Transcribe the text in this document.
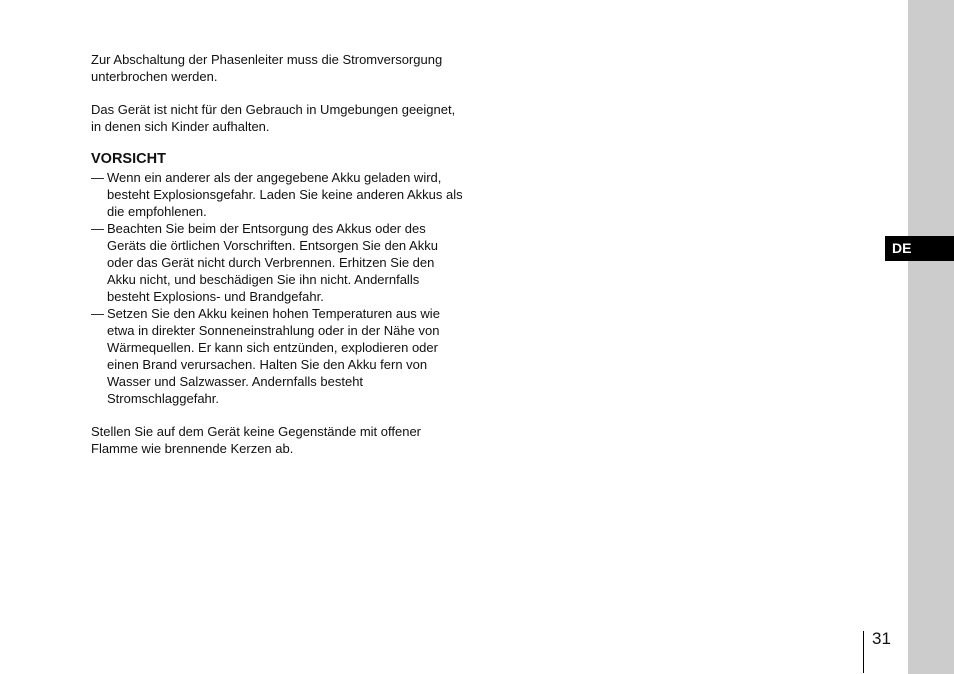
DE

Zur Abschaltung der Phasenleiter muss die Stromversorgung unterbrochen werden.

Das Gerät ist nicht für den Gebrauch in Umgebungen geeignet, in denen sich Kinder aufhalten.

VORSICHT
— Wenn ein anderer als der angegebene Akku geladen wird, besteht Explosionsgefahr. Laden Sie keine anderen Akkus als die empfohlenen.
— Beachten Sie beim der Entsorgung des Akkus oder des Geräts die örtlichen Vorschriften. Entsorgen Sie den Akku oder das Gerät nicht durch Verbrennen. Erhitzen Sie den Akku nicht, und beschädigen Sie ihn nicht. Andernfalls besteht Explosions- und Brandgefahr.
— Setzen Sie den Akku keinen hohen Temperaturen aus wie etwa in direkter Sonneneinstrahlung oder in der Nähe von Wärmequellen. Er kann sich entzünden, explodieren oder einen Brand verursachen. Halten Sie den Akku fern von Wasser und Salzwasser. Andernfalls besteht Stromschlaggefahr.

Stellen Sie auf dem Gerät keine Gegenstände mit offener Flamme wie brennende Kerzen ab.

31
